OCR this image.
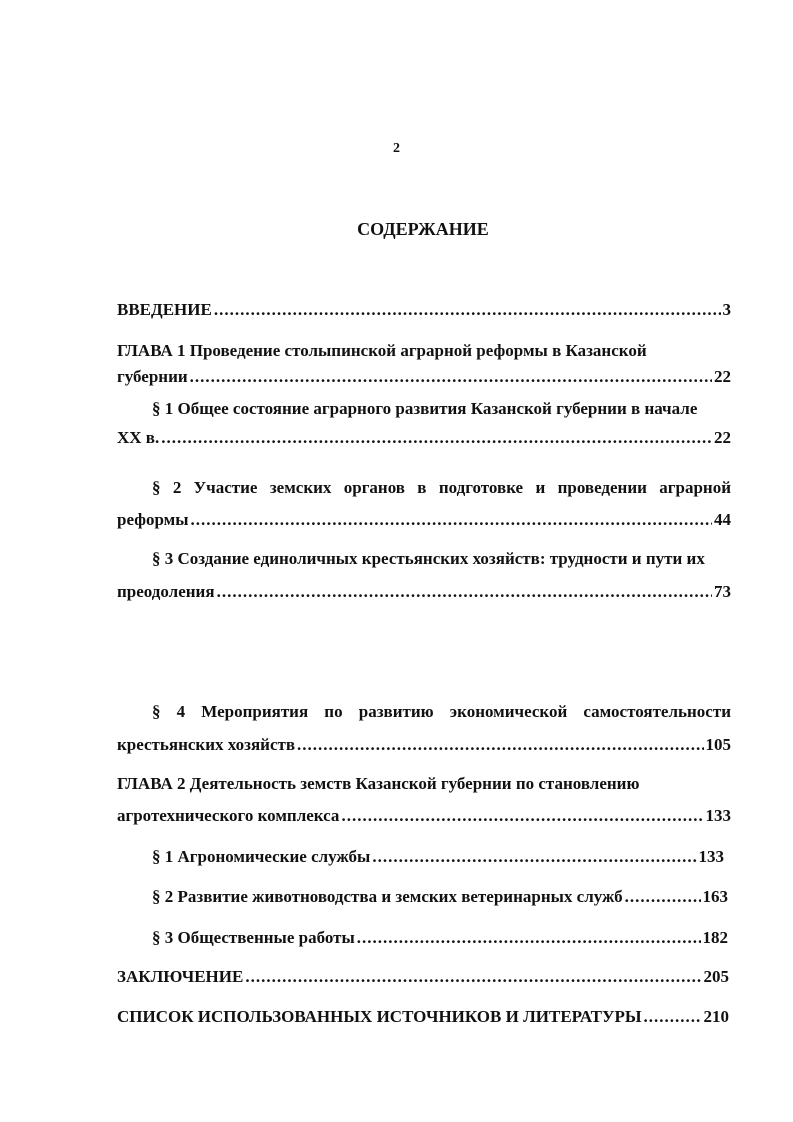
2
СОДЕРЖАНИЕ
ВВЕДЕНИЕ .....	3
ГЛАВА 1 Проведение столыпинской аграрной реформы в Казанской
губернии .....	22
§ 1 Общее состояние аграрного развития Казанской губернии в начале
XX в. .....	22
§ 2 Участие земских органов в подготовке и проведении аграрной
реформы .....	44
§ 3 Создание единоличных крестьянских хозяйств: трудности и пути их
преодоления .....	73
§ 4 Мероприятия по развитию экономической самостоятельности
крестьянских хозяйств .....	105
ГЛАВА 2 Деятельность земств Казанской губернии по становлению
агротехнического комплекса .....	133
§ 1 Агрономические службы .....	133
§ 2 Развитие животноводства и земских ветеринарных служб .....	163
§ 3 Общественные работы .....	182
ЗАКЛЮЧЕНИЕ .....	205
СПИСОК ИСПОЛЬЗОВАННЫХ ИСТОЧНИКОВ И ЛИТЕРАТУРЫ .....	210
